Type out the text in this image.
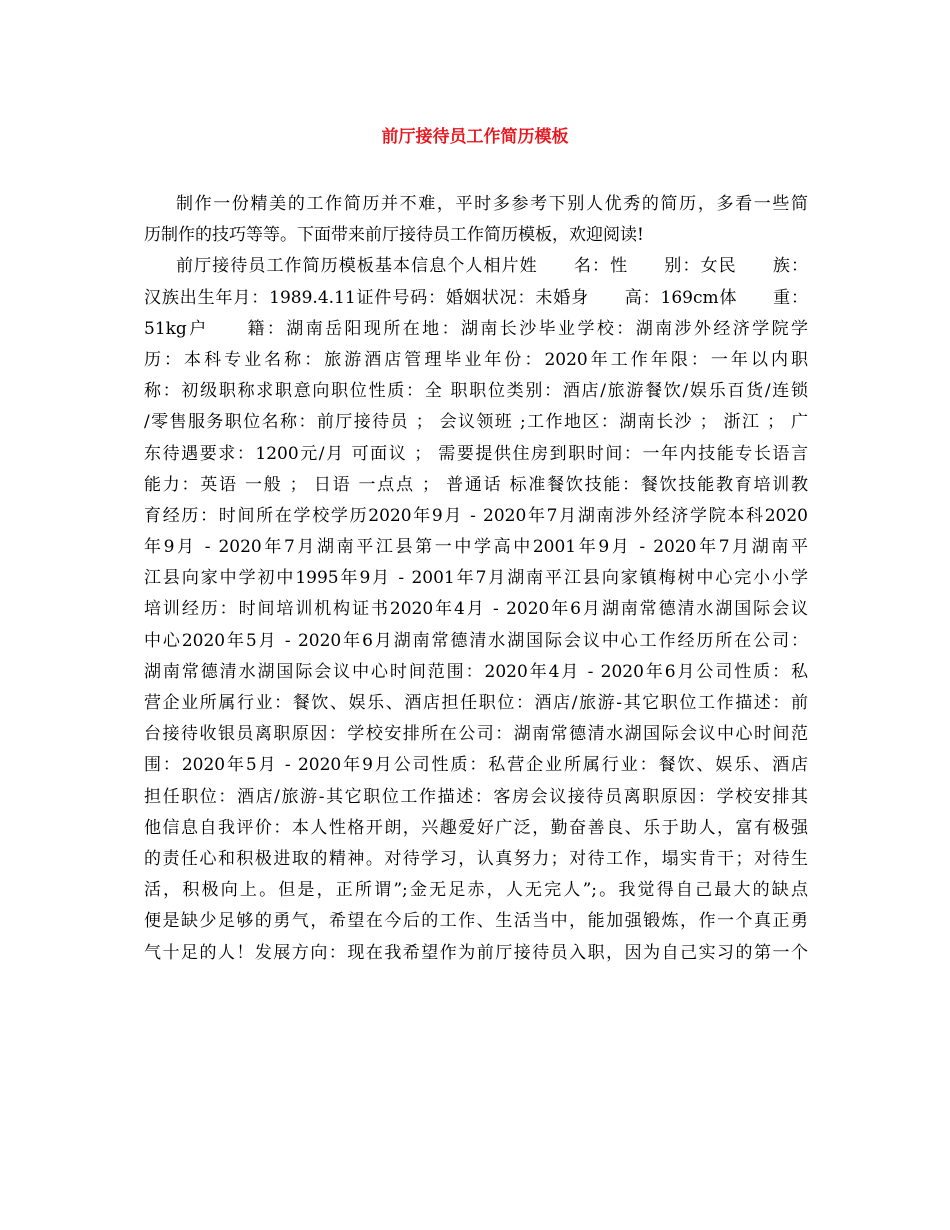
前厅接待员工作简历模板
制作一份精美的工作简历并不难，平时多参考下别人优秀的简历，多看一些简
历制作的技巧等等。下面带来前厅接待员工作简历模板，欢迎阅读!
前厅接待员工作简历模板基本信息个人相片姓　　名：性　　别：女民　　族：
汉族出生年月：1989.4.11证件号码：婚姻状况：未婚身　　高：169cm体　　重：
51kg户　　籍：湖南岳阳现所在地：湖南长沙毕业学校：湖南涉外经济学院学
历：本科专业名称：旅游酒店管理毕业年份：2020年工作年限：一年以内职
称：初级职称求职意向职位性质：全 职职位类别：酒店/旅游餐饮/娱乐百货/连锁
/零售服务职位名称：前厅接待员 ； 会议领班 ;工作地区：湖南长沙 ； 浙江 ； 广
东待遇要求：1200元/月 可面议 ； 需要提供住房到职时间：一年内技能专长语言
能力：英语 一般 ； 日语 一点点 ； 普通话 标准餐饮技能：餐饮技能教育培训教
育经历：时间所在学校学历2020年9月 - 2020年7月湖南涉外经济学院本科2020
年9月 - 2020年7月湖南平江县第一中学高中2001年9月 - 2020年7月湖南平
江县向家中学初中1995年9月 - 2001年7月湖南平江县向家镇梅树中心完小小学
培训经历：时间培训机构证书2020年4月 - 2020年6月湖南常德清水湖国际会议
中心2020年5月 - 2020年6月湖南常德清水湖国际会议中心工作经历所在公司：
湖南常德清水湖国际会议中心时间范围：2020年4月 - 2020年6月公司性质：私
营企业所属行业：餐饮、娱乐、酒店担任职位：酒店/旅游-其它职位工作描述：前
台接待收银员离职原因：学校安排所在公司：湖南常德清水湖国际会议中心时间范
围：2020年5月 - 2020年9月公司性质：私营企业所属行业：餐饮、娱乐、酒店
担任职位：酒店/旅游-其它职位工作描述：客房会议接待员离职原因：学校安排其
他信息自我评价：本人性格开朗，兴趣爱好广泛，勤奋善良、乐于助人，富有极强
的责任心和积极进取的精神。对待学习，认真努力；对待工作，塌实肯干；对待生
活，积极向上。但是，正所谓”;金无足赤，人无完人”;。我觉得自己最大的缺点
便是缺少足够的勇气，希望在今后的工作、生活当中，能加强锻炼，作一个真正勇
气十足的人！发展方向：现在我希望作为前厅接待员入职，因为自己实习的第一个
